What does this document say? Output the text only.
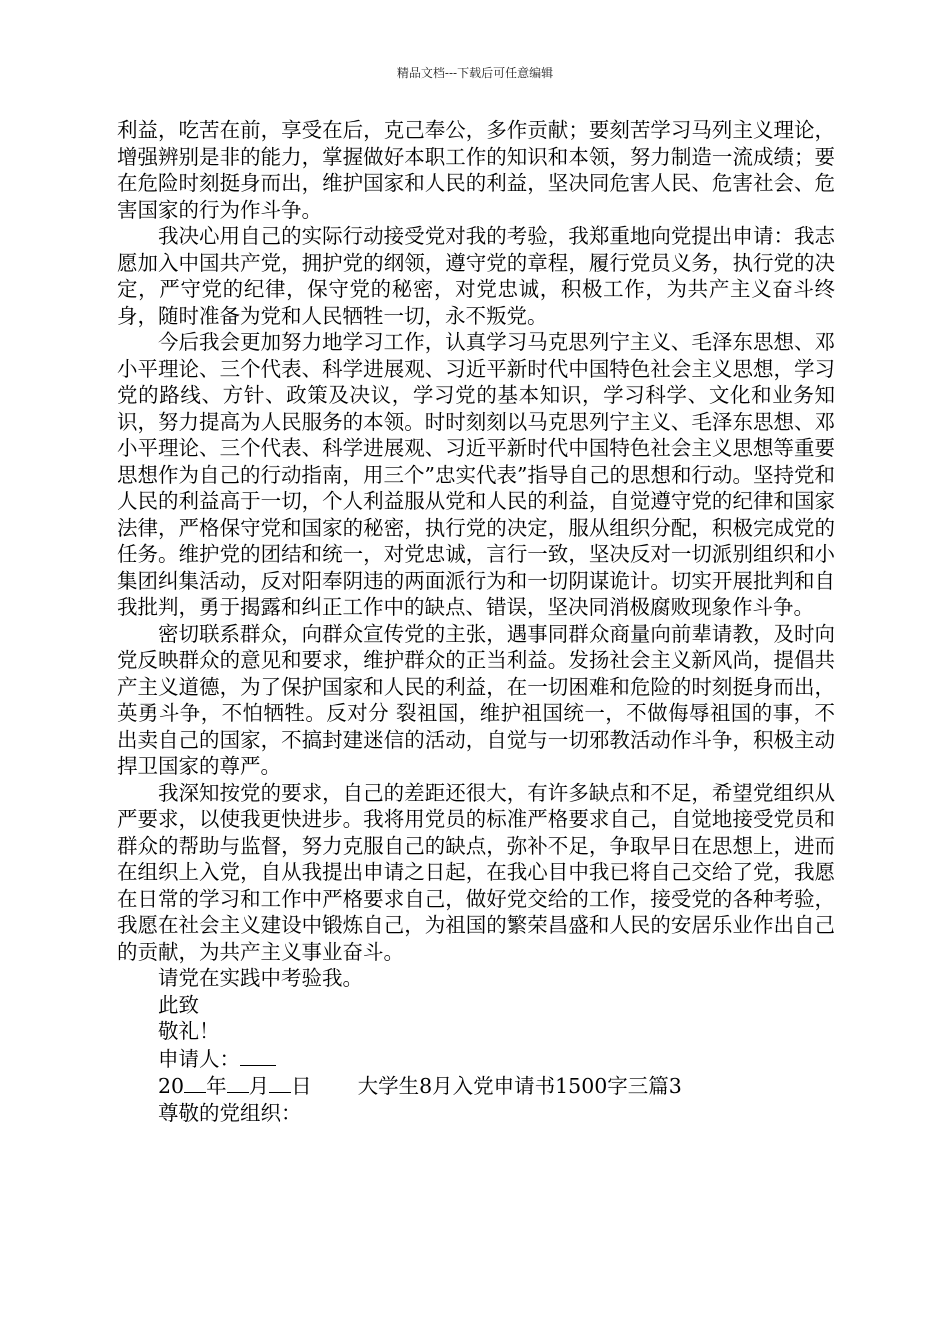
精品文档---下载后可任意编辑

利益，吃苦在前，享受在后，克己奉公，多作贡献；要刻苦学习马列主义理论，增强辨别是非的能力，掌握做好本职工作的知识和本领，努力制造一流成绩；要在危险时刻挺身而出，维护国家和人民的利益，坚决同危害人民、危害社会、危害国家的行为作斗争。

我决心用自己的实际行动接受党对我的考验，我郑重地向党提出申请：我志愿加入中国共产党，拥护党的纲领，遵守党的章程，履行党员义务，执行党的决定，严守党的纪律，保守党的秘密，对党忠诚，积极工作，为共产主义奋斗终身，随时准备为党和人民牺牲一切，永不叛党。

今后我会更加努力地学习工作，认真学习马克思列宁主义、毛泽东思想、邓小平理论、三个代表、科学进展观、习近平新时代中国特色社会主义思想，学习党的路线、方针、政策及决议，学习党的基本知识，学习科学、文化和业务知识，努力提高为人民服务的本领。时时刻刻以马克思列宁主义、毛泽东思想、邓小平理论、三个代表、科学进展观、习近平新时代中国特色社会主义思想等重要思想作为自己的行动指南，用三个”忠实代表”指导自己的思想和行动。坚持党和人民的利益高于一切，个人利益服从党和人民的利益，自觉遵守党的纪律和国家法律，严格保守党和国家的秘密，执行党的决定，服从组织分配，积极完成党的任务。维护党的团结和统一，对党忠诚，言行一致，坚决反对一切派别组织和小集团纠集活动，反对阳奉阴违的两面派行为和一切阴谋诡计。切实开展批判和自我批判，勇于揭露和纠正工作中的缺点、错误，坚决同消极腐败现象作斗争。

密切联系群众，向群众宣传党的主张，遇事同群众商量向前辈请教，及时向党反映群众的意见和要求，维护群众的正当利益。发扬社会主义新风尚，提倡共产主义道德，为了保护国家和人民的利益，在一切困难和危险的时刻挺身而出，英勇斗争，不怕牺牲。反对分 裂祖国，维护祖国统一，不做侮辱祖国的事，不出卖自己的国家，不搞封建迷信的活动，自觉与一切邪教活动作斗争，积极主动捍卫国家的尊严。

我深知按党的要求，自己的差距还很大，有许多缺点和不足，希望党组织从严要求，以使我更快进步。我将用党员的标准严格要求自己，自觉地接受党员和群众的帮助与监督，努力克服自己的缺点，弥补不足，争取早日在思想上，进而在组织上入党，自从我提出申请之日起，在我心目中我已将自己交给了党，我愿在日常的学习和工作中严格要求自己，做好党交给的工作，接受党的各种考验，我愿在社会主义建设中锻炼自己，为祖国的繁荣昌盛和人民的安居乐业作出自己的贡献，为共产主义事业奋斗。

请党在实践中考验我。
此致
敬礼！
申请人：
20 年 月 日 大学生8月入党申请书1500字三篇3
尊敬的党组织：
